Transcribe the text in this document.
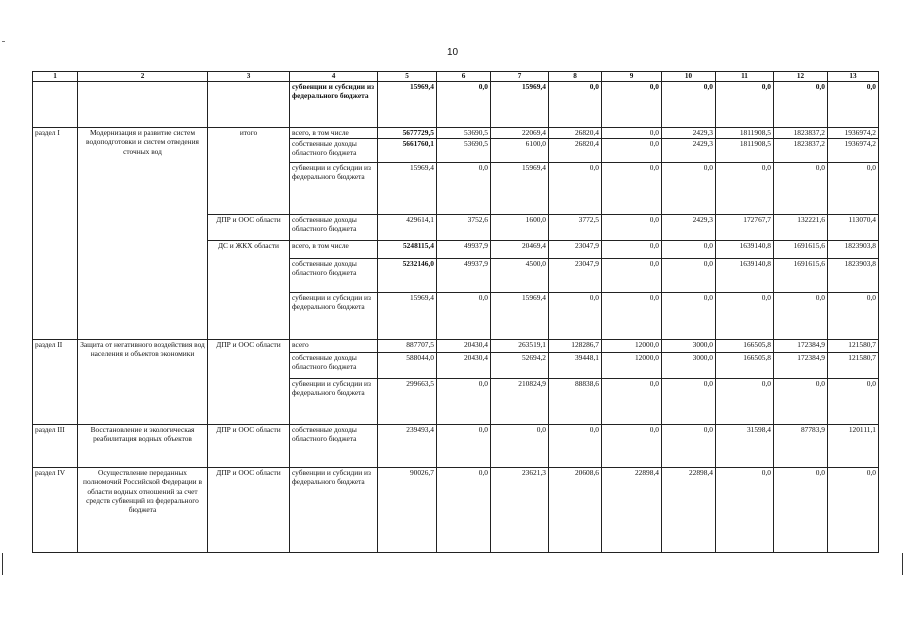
10
1	2	3	4	5	6	7	8	9	10	11	12	13
			субвенции и субсидии из федерального бюджета	15969,4	0,0	15969,4	0,0	0,0	0,0	0,0	0,0	0,0
раздел I	Модернизация и развитие систем водоподготовки и систем отведения сточных вод	итого	всего, в том числе	5677729,5	53690,5	22069,4	26820,4	0,0	2429,3	1811908,5	1823837,2	1936974,2
			собственные доходы областного бюджета	5661760,1	53690,5	6100,0	26820,4	0,0	2429,3	1811908,5	1823837,2	1936974,2
			субвенции и субсидии из федерального бюджета	15969,4	0,0	15969,4	0,0	0,0	0,0	0,0	0,0	0,0
		ДПР и ООС области	собственные доходы областного бюджета	429614,1	3752,6	1600,0	3772,5	0,0	2429,3	172767,7	132221,6	113070,4
		ДС и ЖКХ области	всего, в том числе	5248115,4	49937,9	20469,4	23047,9	0,0	0,0	1639140,8	1691615,6	1823903,8
			собственные доходы областного бюджета	5232146,0	49937,9	4500,0	23047,9	0,0	0,0	1639140,8	1691615,6	1823903,8
			субвенции и субсидии из федерального бюджета	15969,4	0,0	15969,4	0,0	0,0	0,0	0,0	0,0	0,0
раздел II	Защита от негативного воздействия вод населения и объектов экономики	ДПР и ООС области	всего	887707,5	20430,4	263519,1	128286,7	12000,0	3000,0	166505,8	172384,9	121580,7
			собственные доходы областного бюджета	588044,0	20430,4	52694,2	39448,1	12000,0	3000,0	166505,8	172384,9	121580,7
			субвенции и субсидии из федерального бюджета	299663,5	0,0	210824,9	88838,6	0,0	0,0	0,0	0,0	0,0
раздел III	Восстановление и экологическая реабилитация водных объектов	ДПР и ООС области	собственные доходы областного бюджета	239493,4	0,0	0,0	0,0	0,0	0,0	31598,4	87783,9	120111,1
раздел IV	Осуществление переданных полномочий Российской Федерации в области водных отношений за счет средств субвенций из федерального бюджета	ДПР и ООС области	субвенции и субсидии из федерального бюджета	90026,7	0,0	23621,3	20608,6	22898,4	22898,4	0,0	0,0	0,0
